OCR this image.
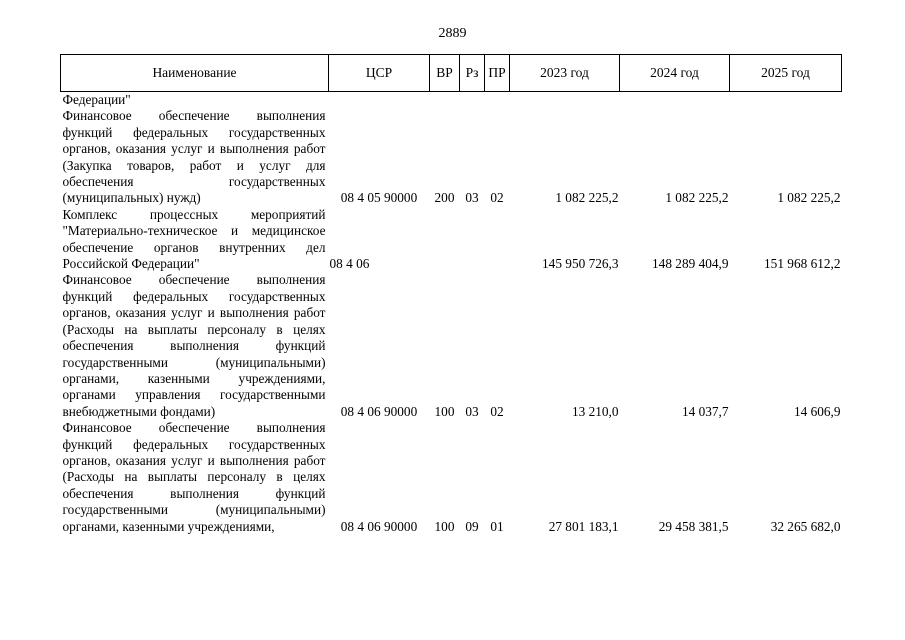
2889
Наименование	ЦСР	ВР	Рз	ПР	2023 год	2024 год	2025 год
Федерации"							
Финансовое обеспечение выполнения функций федеральных государственных органов, оказания услуг и выполнения работ (Закупка товаров, работ и услуг для обеспечения государственных (муниципальных) нужд)	08 4 05 90000	200	03	02	1 082 225,2	1 082 225,2	1 082 225,2
Комплекс процессных мероприятий "Материально-техническое и медицинское обеспечение органов внутренних дел Российской Федерации"	08 4 06				145 950 726,3	148 289 404,9	151 968 612,2
Финансовое обеспечение выполнения функций федеральных государственных органов, оказания услуг и выполнения работ (Расходы на выплаты персоналу в целях обеспечения выполнения функций государственными (муниципальными) органами, казенными учреждениями, органами управления государственными внебюджетными фондами)	08 4 06 90000	100	03	02	13 210,0	14 037,7	14 606,9
Финансовое обеспечение выполнения функций федеральных государственных органов, оказания услуг и выполнения работ (Расходы на выплаты персоналу в целях обеспечения выполнения функций государственными (муниципальными) органами, казенными учреждениями,	08 4 06 90000	100	09	01	27 801 183,1	29 458 381,5	32 265 682,0
